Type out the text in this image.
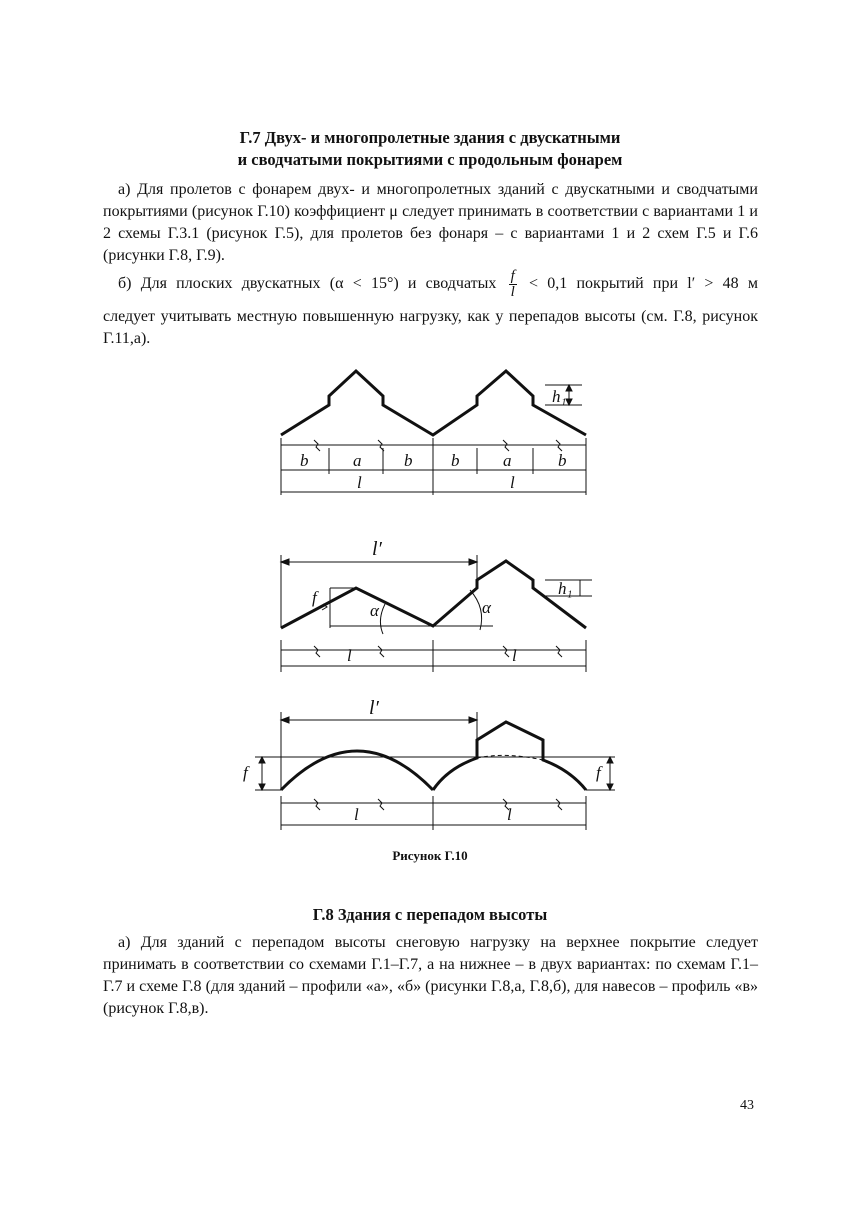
Г.7 Двух- и многопролетные здания с двускатными
и сводчатыми покрытиями с продольным фонарем
а) Для пролетов с фонарем двух- и многопролетных зданий с двускатными и сводчатыми покрытиями (рисунок Г.10) коэффициент μ следует принимать в соответствии с вариантами 1 и 2 схемы Г.3.1 (рисунок Г.5), для пролетов без фонаря – с вариантами 1 и 2 схем Г.5 и Г.6 (рисунки Г.8, Г.9).
б) Для плоских двускатных (α < 15°) и сводчатых $\frac{f}{l} < 0,1$ покрытий при l′ > 48 м
следует учитывать местную повышенную нагрузку, как у перепадов высоты (см. Г.8, рисунок Г.11,а).
h₁
b	a	b b	a	b
l	l
l′
f
α	α
h₁
l	l
l′
f	f
l	l
Рисунок Г.10
Г.8 Здания с перепадом высоты
а) Для зданий с перепадом высоты снеговую нагрузку на верхнее покрытие следует принимать в соответствии со схемами Г.1–Г.7, а на нижнее – в двух вариантах: по схемам Г.1–Г.7 и схеме Г.8 (для зданий – профили «а», «б» (рисунки Г.8,а, Г.8,б), для навесов – профиль «в» (рисунок Г.8,в).
43
